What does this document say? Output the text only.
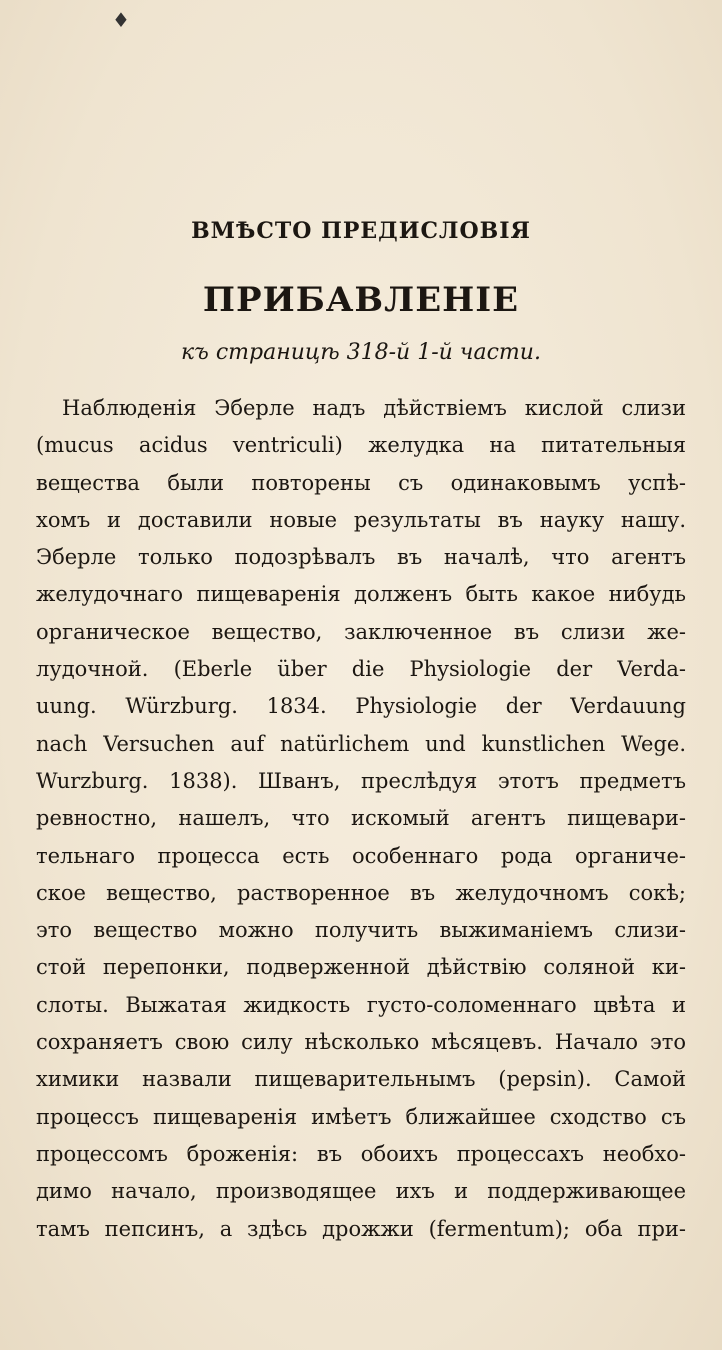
♦
ВМѢСТО ПРЕДИСЛОВІЯ
ПРИБАВЛЕНІЕ
къ страницѣ 318-й 1-й части.
Наблюденія Эберле надъ дѣйствіемъ кислой слизи
(mucus acidus ventriculi) желудка на питательныя
вещества были повторены съ одинаковымъ успѣ-
хомъ и доставили новые результаты въ науку нашу.
Эберле только подозрѣвалъ въ началѣ, что агентъ
желудочнаго пищеваренія долженъ быть какое нибудь
органическое вещество, заключенное въ слизи же-
лудочной. (Eberle über die Physiologie der Verda-
uung. Würzburg. 1834. Physiologie der Verdauung
nach Versuchen auf natürlichem und kunstlichen Wege.
Wurzburg. 1838). Шванъ, преслѣдуя этотъ предметъ
ревностно, нашелъ, что искомый агентъ пищевари-
тельнаго процесса есть особеннаго рода органиче-
ское вещество, растворенное въ желудочномъ сокѣ;
это вещество можно получить выжиманіемъ слизи-
стой перепонки, подверженной дѣйствію соляной ки-
слоты. Выжатая жидкость густо-соломеннаго цвѣта и
сохраняетъ свою силу нѣсколько мѣсяцевъ. Начало это
химики назвали пищеварительнымъ (pepsin). Самой
процессъ пищеваренія имѣетъ ближайшее сходство съ
процессомъ броженія: въ обоихъ процессахъ необхо-
димо начало, производящее ихъ и поддерживающее
тамъ пепсинъ, а здѣсь дрожжи (fermentum); оба при-
